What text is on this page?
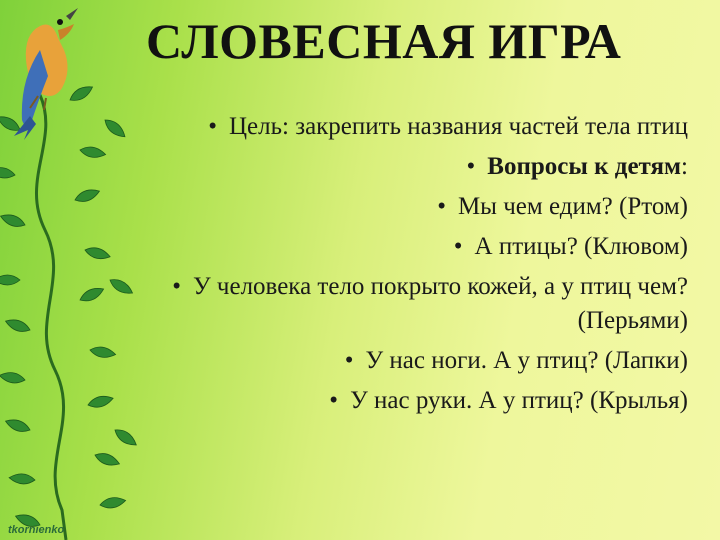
СЛОВЕСНАЯ ИГРА
• Цель: закрепить названия частей тела птиц
• Вопросы к детям:
• Мы чем едим? (Ртом)
• А птицы? (Клювом)
• У человека тело покрыто кожей, а у птиц чем? (Перьями)
• У нас ноги. А у птиц? (Лапки)
• У нас руки. А у птиц? (Крылья)
tkornienko
